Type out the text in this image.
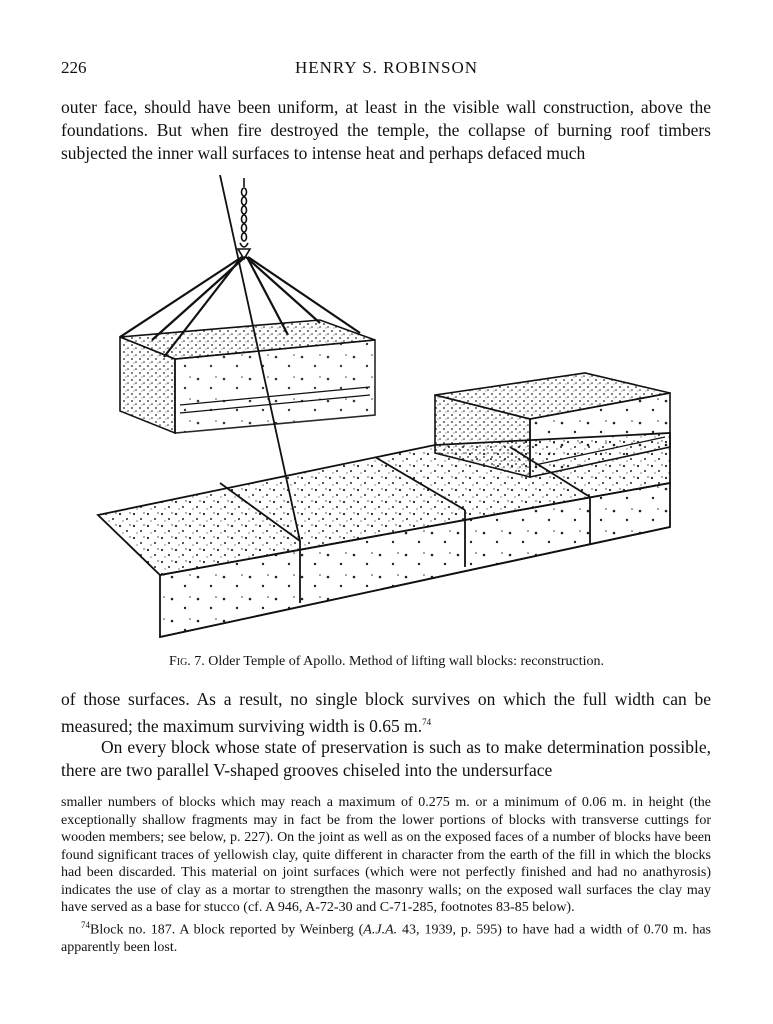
226	HENRY S. ROBINSON
outer face, should have been uniform, at least in the visible wall construction, above the foundations. But when fire destroyed the temple, the collapse of burning roof timbers subjected the inner wall surfaces to intense heat and perhaps defaced much
Fig. 7. Older Temple of Apollo. Method of lifting wall blocks: reconstruction.
of those surfaces. As a result, no single block survives on which the full width can be measured; the maximum surviving width is 0.65 m.$^{74}$
On every block whose state of preservation is such as to make determination possible, there are two parallel V-shaped grooves chiseled into the undersurface

smaller numbers of blocks which may reach a maximum of 0.275 m. or a minimum of 0.06 m. in height (the exceptionally shallow fragments may in fact be from the lower portions of blocks with transverse cuttings for wooden members; see below, p. 227). On the joint as well as on the exposed faces of a number of blocks have been found significant traces of yellowish clay, quite different in character from the earth of the fill in which the blocks had been discarded. This material on joint surfaces (which were not perfectly finished and had no anathyrosis) indicates the use of clay as a mortar to strengthen the masonry walls; on the exposed wall surfaces the clay may have served as a base for stucco (cf. A 946, A-72-30 and C-71-285, footnotes 83-85 below).

$^{74}$Block no. 187. A block reported by Weinberg (A.J.A. 43, 1939, p. 595) to have had a width of 0.70 m. has apparently been lost.
